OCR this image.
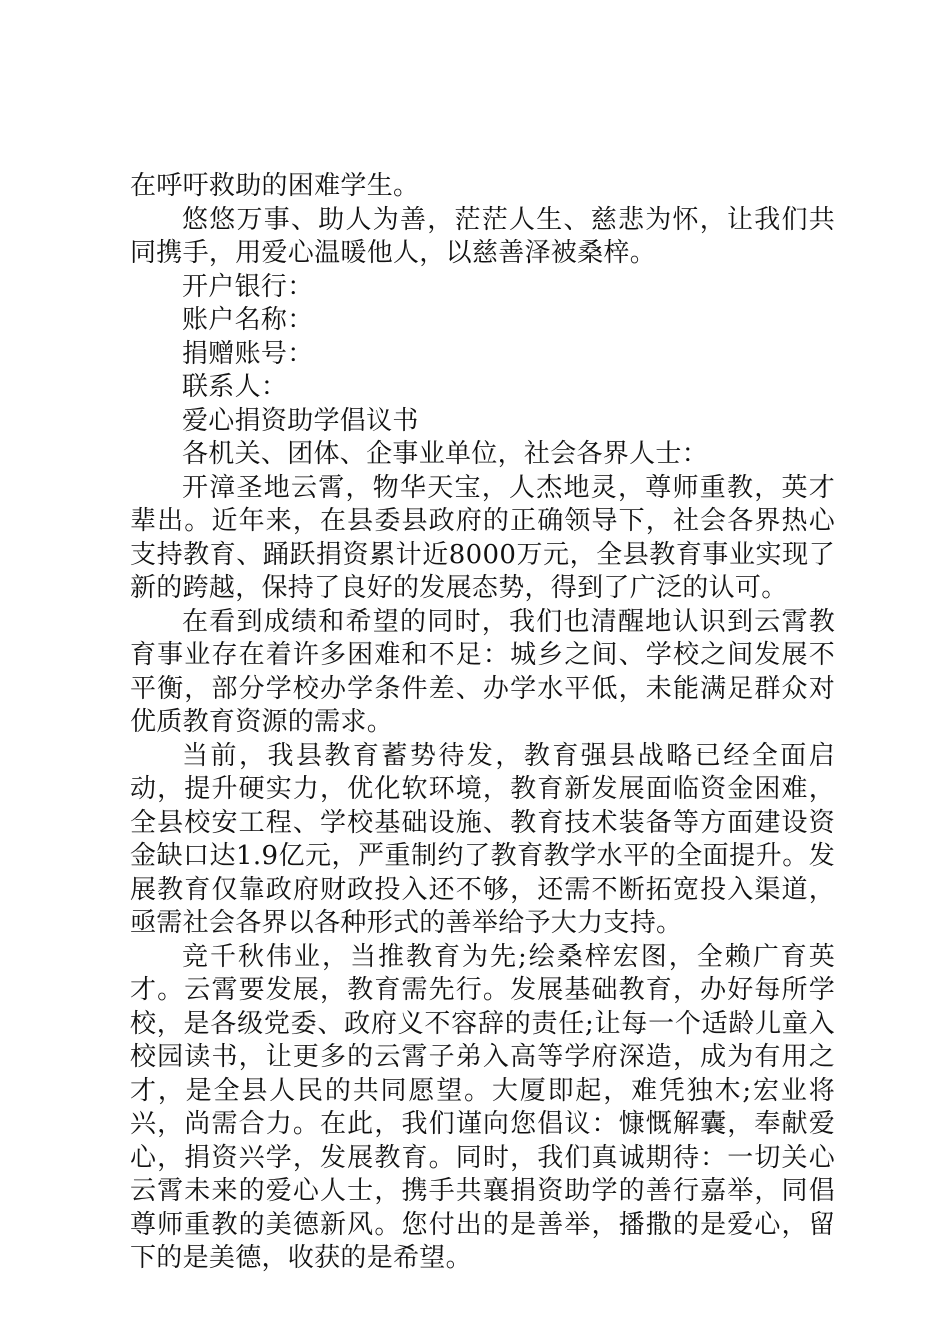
在呼吁救助的困难学生。

悠悠万事、助人为善，茫茫人生、慈悲为怀，让我们共同携手，用爱心温暖他人，以慈善泽被桑梓。

开户银行：

账户名称：

捐赠账号：

联系人：

爱心捐资助学倡议书

各机关、团体、企事业单位，社会各界人士：

开漳圣地云霄，物华天宝，人杰地灵，尊师重教，英才辈出。近年来，在县委县政府的正确领导下，社会各界热心支持教育、踊跃捐资累计近8000万元，全县教育事业实现了新的跨越，保持了良好的发展态势，得到了广泛的认可。

在看到成绩和希望的同时，我们也清醒地认识到云霄教育事业存在着许多困难和不足：城乡之间、学校之间发展不平衡，部分学校办学条件差、办学水平低，未能满足群众对优质教育资源的需求。

当前，我县教育蓄势待发，教育强县战略已经全面启动，提升硬实力，优化软环境，教育新发展面临资金困难，全县校安工程、学校基础设施、教育技术装备等方面建设资金缺口达1.9亿元，严重制约了教育教学水平的全面提升。发展教育仅靠政府财政投入还不够，还需不断拓宽投入渠道，亟需社会各界以各种形式的善举给予大力支持。

竞千秋伟业，当推教育为先;绘桑梓宏图，全赖广育英才。云霄要发展，教育需先行。发展基础教育，办好每所学校，是各级党委、政府义不容辞的责任;让每一个适龄儿童入校园读书，让更多的云霄子弟入高等学府深造，成为有用之才，是全县人民的共同愿望。大厦即起，难凭独木;宏业将兴，尚需合力。在此，我们谨向您倡议：慷慨解囊，奉献爱心，捐资兴学，发展教育。同时，我们真诚期待：一切关心云霄未来的爱心人士，携手共襄捐资助学的善行嘉举，同倡尊师重教的美德新风。您付出的是善举，播撒的是爱心，留下的是美德，收获的是希望。
